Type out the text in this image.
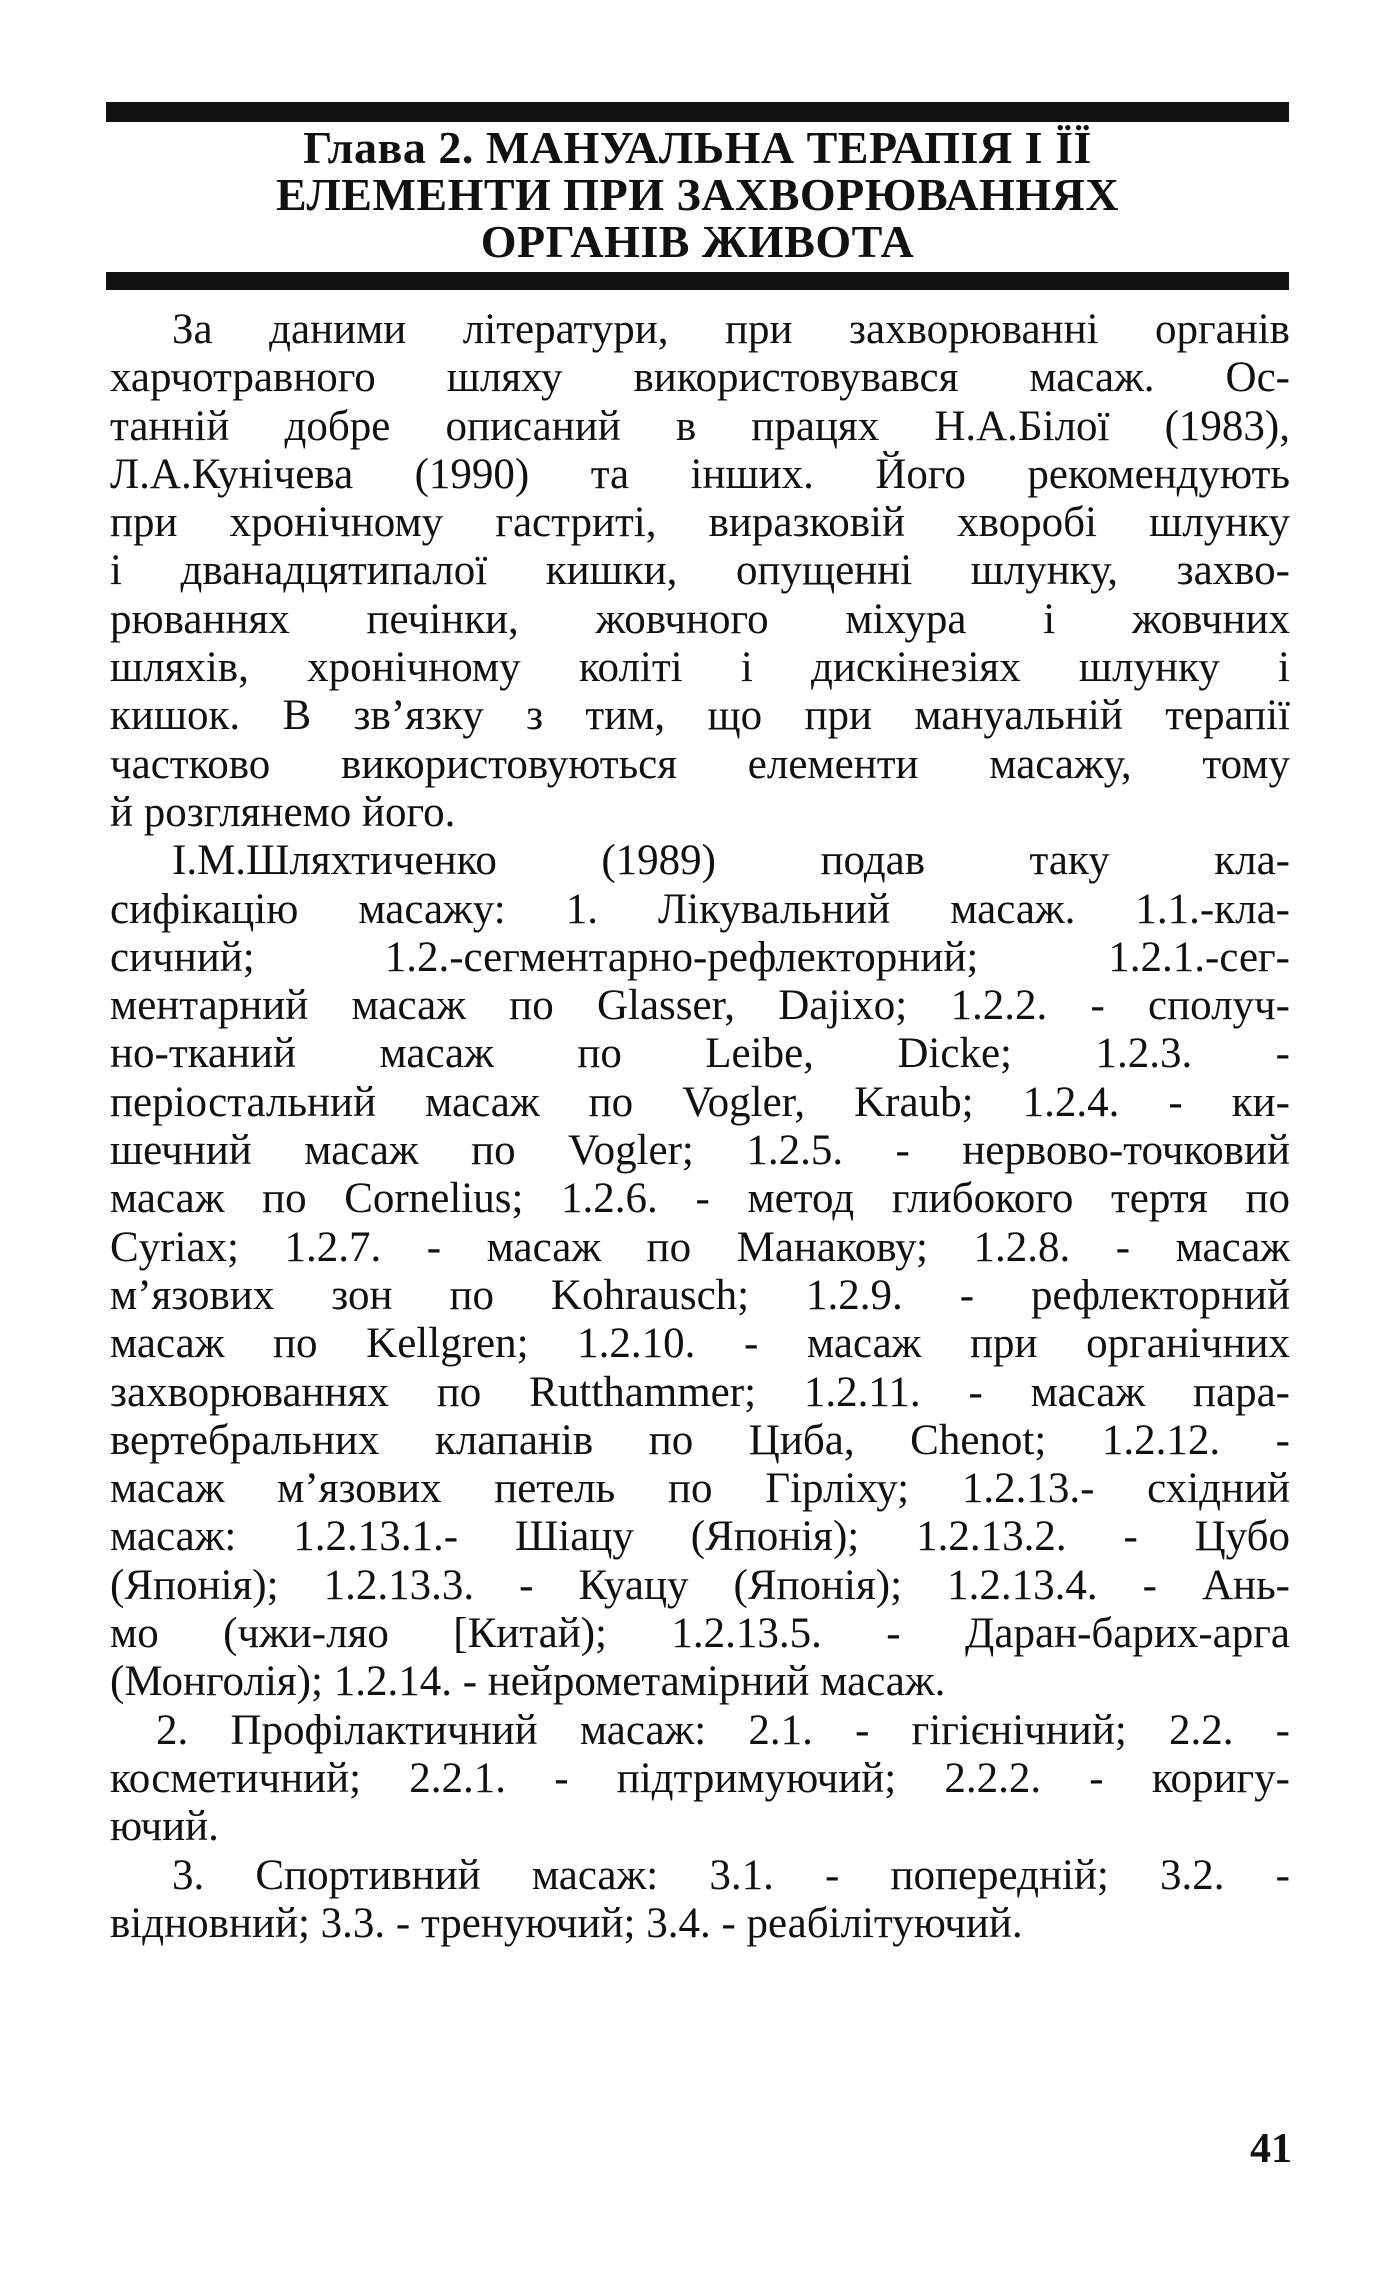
Глава 2. МАНУАЛЬНА ТЕРАПІЯ І ЇЇ
ЕЛЕМЕНТИ ПРИ ЗАХВОРЮВАННЯХ
ОРГАНІВ ЖИВОТА
За даними літератури, при захворюванні органів
харчотравного шляху використовувався масаж. Ос-
танній добре описаний в працях Н.А.Білої (1983),
Л.А.Кунічева (1990) та інших. Його рекомендують
при хронічному гастриті, виразковій хворобі шлунку
і дванадцятипалої кишки, опущенні шлунку, захво-
рюваннях печінки, жовчного міхура і жовчних
шляхів, хронічному коліті і дискінезіях шлунку і
кишок. В зв’язку з тим, що при мануальній терапії
частково використовуються елементи масажу, тому
й розглянемо його.
І.М.Шляхтиченко (1989) подав таку кла-
сифікацію масажу: 1. Лікувальний масаж. 1.1.-кла-
сичний; 1.2.-сегментарно-рефлекторний; 1.2.1.-сег-
ментарний масаж по Glasser, Dajixo; 1.2.2. - сполуч-
но-тканий масаж по Leibe, Dicke; 1.2.3. -
періостальний масаж по Vogler, Kraub; 1.2.4. - ки-
шечний масаж по Vogler; 1.2.5. - нервово-точковий
масаж по Cornelius; 1.2.6. - метод глибокого тертя по
Cyriax; 1.2.7. - масаж по Манакову; 1.2.8. - масаж
м’язових зон по Kohrausch; 1.2.9. - рефлекторний
масаж по Kellgren; 1.2.10. - масаж при органічних
захворюваннях по Rutthammer; 1.2.11. - масаж пара-
вертебральних клапанів по Циба, Chenot; 1.2.12. -
масаж м’язових петель по Гірліху; 1.2.13.- східний
масаж: 1.2.13.1.- Шіацу (Японія); 1.2.13.2. - Цубо
(Японія); 1.2.13.3. - Куацу (Японія); 1.2.13.4. - Ань-
мо (чжи-ляо [Китай); 1.2.13.5. - Даран-барих-арга
(Монголія); 1.2.14. - нейрометамірний масаж.
2. Профілактичний масаж: 2.1. - гігієнічний; 2.2. -
косметичний; 2.2.1. - підтримуючий; 2.2.2. - коригу-
ючий.
3. Спортивний масаж: 3.1. - попередній; 3.2. -
відновний; 3.3. - тренуючий; 3.4. - реабілітуючий.
41
